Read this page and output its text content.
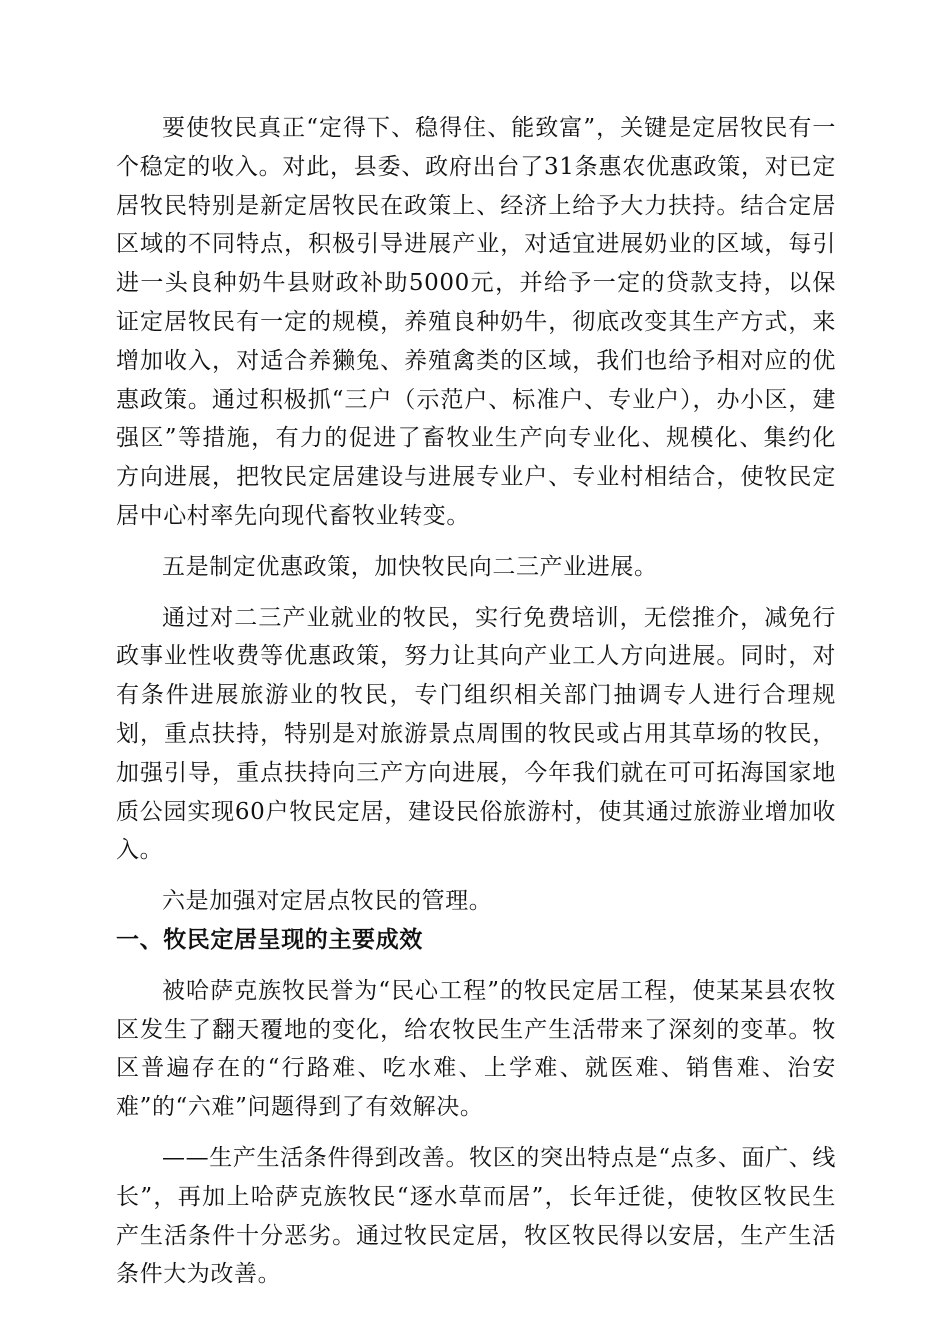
要使牧民真正“定得下、稳得住、能致富”，关键是定居牧民有一个稳定的收入。对此，县委、政府出台了31条惠农优惠政策，对已定居牧民特别是新定居牧民在政策上、经济上给予大力扶持。结合定居区域的不同特点，积极引导进展产业，对适宜进展奶业的区域，每引进一头良种奶牛县财政补助5000元，并给予一定的贷款支持，以保证定居牧民有一定的规模，养殖良种奶牛，彻底改变其生产方式，来增加收入，对适合养獭兔、养殖禽类的区域，我们也给予相对应的优惠政策。通过积极抓“三户（示范户、标准户、专业户），办小区，建强区”等措施，有力的促进了畜牧业生产向专业化、规模化、集约化方向进展，把牧民定居建设与进展专业户、专业村相结合，使牧民定居中心村率先向现代畜牧业转变。

五是制定优惠政策，加快牧民向二三产业进展。

通过对二三产业就业的牧民，实行免费培训，无偿推介，减免行政事业性收费等优惠政策，努力让其向产业工人方向进展。同时，对有条件进展旅游业的牧民，专门组织相关部门抽调专人进行合理规划，重点扶持，特别是对旅游景点周围的牧民或占用其草场的牧民，加强引导，重点扶持向三产方向进展，今年我们就在可可拓海国家地质公园实现60户牧民定居，建设民俗旅游村，使其通过旅游业增加收入。

六是加强对定居点牧民的管理。

一、牧民定居呈现的主要成效

被哈萨克族牧民誉为“民心工程”的牧民定居工程，使某某县农牧区发生了翻天覆地的变化，给农牧民生产生活带来了深刻的变革。牧区普遍存在的“行路难、吃水难、上学难、就医难、销售难、治安难”的“六难”问题得到了有效解决。

——生产生活条件得到改善。牧区的突出特点是“点多、面广、线长”，再加上哈萨克族牧民“逐水草而居”，长年迁徙，使牧区牧民生产生活条件十分恶劣。通过牧民定居，牧区牧民得以安居，生产生活条件大为改善。
